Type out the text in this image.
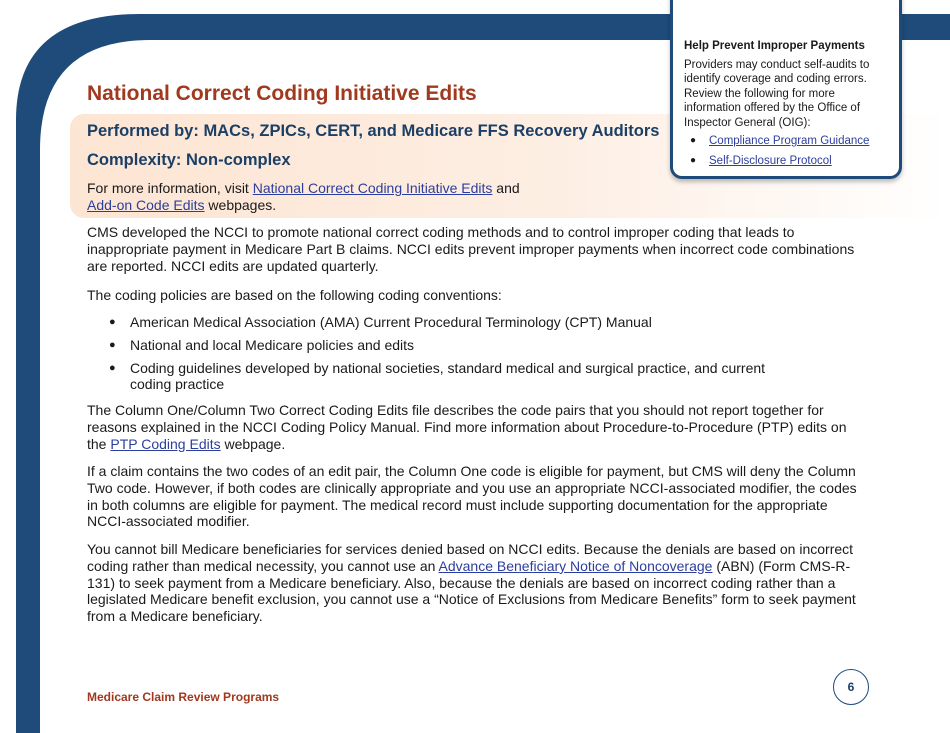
National Correct Coding Initiative Edits
Performed by: MACs, ZPICs, CERT, and Medicare FFS Recovery Auditors
Complexity: Non-complex

For more information, visit National Correct Coding Initiative Edits and
Add-on Code Edits webpages.

CMS developed the NCCI to promote national correct coding methods and to control improper coding that leads to inappropriate payment in Medicare Part B claims. NCCI edits prevent improper payments when incorrect code combinations are reported. NCCI edits are updated quarterly.

The coding policies are based on the following coding conventions:

● American Medical Association (AMA) Current Procedural Terminology (CPT) Manual
● National and local Medicare policies and edits
● Coding guidelines developed by national societies, standard medical and surgical practice, and current coding practice

The Column One/Column Two Correct Coding Edits file describes the code pairs that you should not report together for reasons explained in the NCCI Coding Policy Manual. Find more information about Procedure-to-Procedure (PTP) edits on the PTP Coding Edits webpage.

If a claim contains the two codes of an edit pair, the Column One code is eligible for payment, but CMS will deny the Column Two code. However, if both codes are clinically appropriate and you use an appropriate NCCI-associated modifier, the codes in both columns are eligible for payment. The medical record must include supporting documentation for the appropriate NCCI-associated modifier.

You cannot bill Medicare beneficiaries for services denied based on NCCI edits. Because the denials are based on incorrect coding rather than medical necessity, you cannot use an Advance Beneficiary Notice of Noncoverage (ABN) (Form CMS-R-131) to seek payment from a Medicare beneficiary. Also, because the denials are based on incorrect coding rather than a legislated Medicare benefit exclusion, you cannot use a “Notice of Exclusions from Medicare Benefits” form to seek payment from a Medicare beneficiary.

Help Prevent Improper Payments

Providers may conduct self-audits to identify coverage and coding errors. Review the following for more information offered by the Office of Inspector General (OIG):

● Compliance Program Guidance
● Self-Disclosure Protocol

Medicare Claim Review Programs

6
